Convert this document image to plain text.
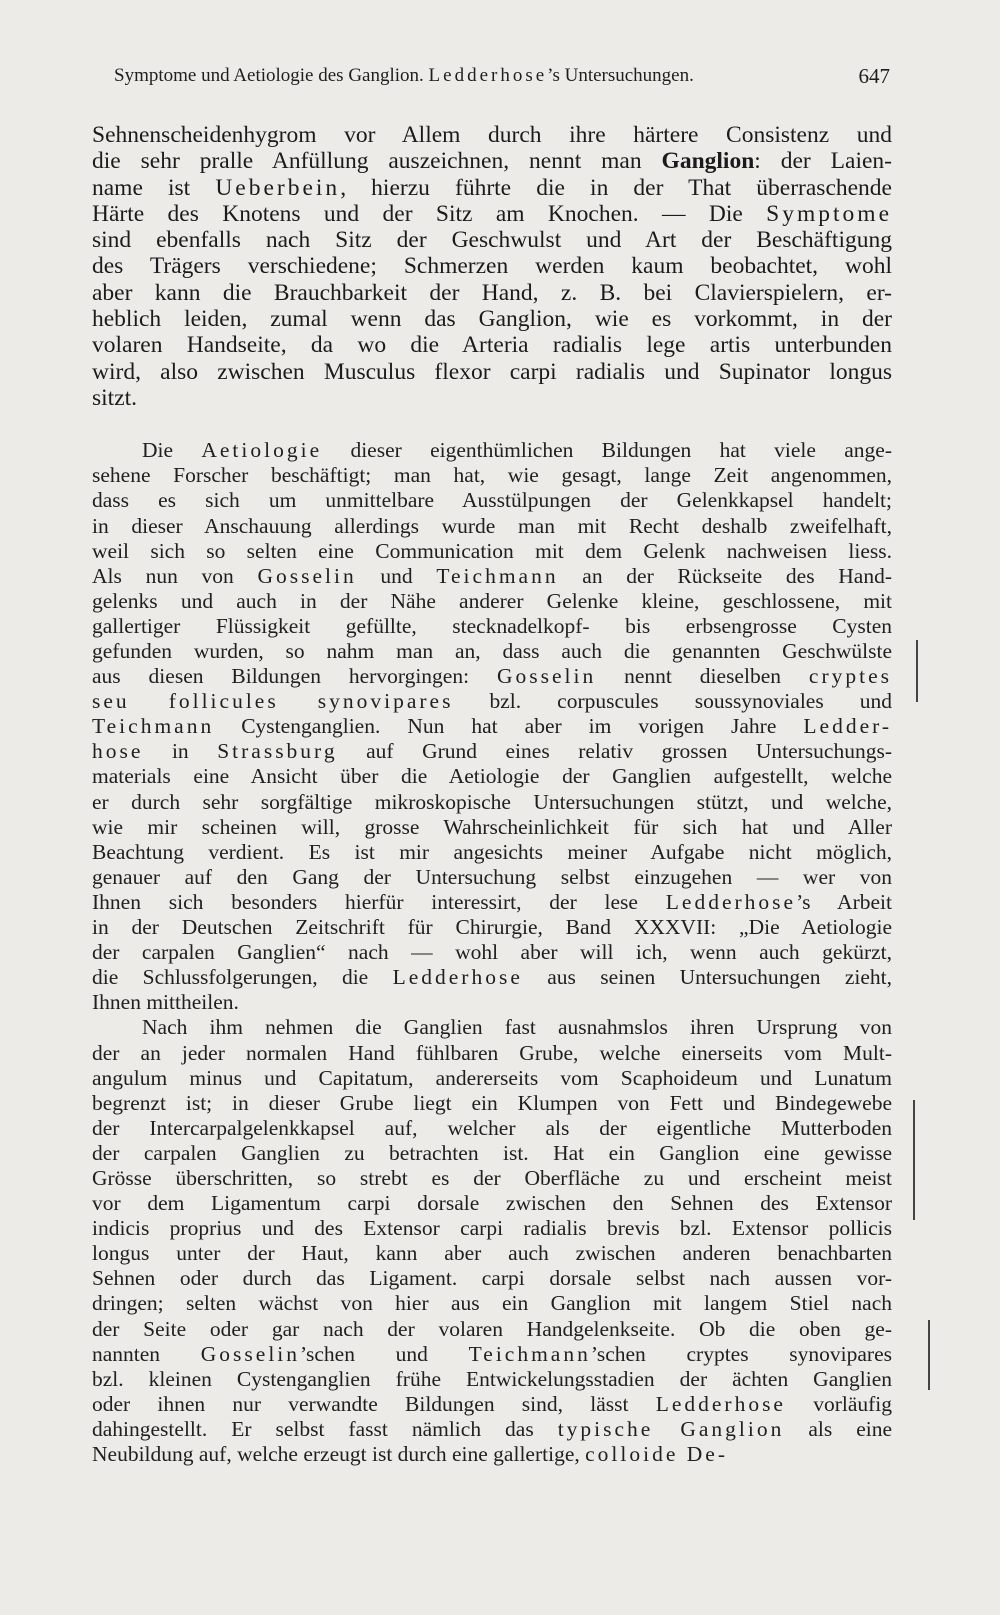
Symptome und Aetiologie des Ganglion. Ledderhose’s Untersuchungen.	647
Sehnenscheidenhygrom vor Allem durch ihre härtere Consistenz und
die sehr pralle Anfüllung auszeichnen, nennt man Ganglion: der Laien-
name ist Ueberbein, hierzu führte die in der That überraschende
Härte des Knotens und der Sitz am Knochen. — Die Symptome
sind ebenfalls nach Sitz der Geschwulst und Art der Beschäftigung
des Trägers verschiedene; Schmerzen werden kaum beobachtet, wohl
aber kann die Brauchbarkeit der Hand, z. B. bei Clavierspielern, er-
heblich leiden, zumal wenn das Ganglion, wie es vorkommt, in der
volaren Handseite, da wo die Arteria radialis lege artis unterbunden
wird, also zwischen Musculus flexor carpi radialis und Supinator longus
sitzt.
Die Aetiologie dieser eigenthümlichen Bildungen hat viele ange-
sehene Forscher beschäftigt; man hat, wie gesagt, lange Zeit angenommen,
dass es sich um unmittelbare Ausstülpungen der Gelenkkapsel handelt;
in dieser Anschauung allerdings wurde man mit Recht deshalb zweifelhaft,
weil sich so selten eine Communication mit dem Gelenk nachweisen liess.
Als nun von Gosselin und Teichmann an der Rückseite des Hand-
gelenks und auch in der Nähe anderer Gelenke kleine, geschlossene, mit
gallertiger Flüssigkeit gefüllte, stecknadelkopf- bis erbsengrosse Cysten
gefunden wurden, so nahm man an, dass auch die genannten Geschwülste
aus diesen Bildungen hervorgingen: Gosselin nennt dieselben cryptes
seu follicules synovipares bzl. corpuscules soussynoviales und
Teichmann Cystenganglien. Nun hat aber im vorigen Jahre Ledder-
hose in Strassburg auf Grund eines relativ grossen Untersuchungs-
materials eine Ansicht über die Aetiologie der Ganglien aufgestellt, welche
er durch sehr sorgfältige mikroskopische Untersuchungen stützt, und welche,
wie mir scheinen will, grosse Wahrscheinlichkeit für sich hat und Aller
Beachtung verdient. Es ist mir angesichts meiner Aufgabe nicht möglich,
genauer auf den Gang der Untersuchung selbst einzugehen — wer von
Ihnen sich besonders hierfür interessirt, der lese Ledderhose’s Arbeit
in der Deutschen Zeitschrift für Chirurgie, Band XXXVII: „Die Aetiologie
der carpalen Ganglien“ nach — wohl aber will ich, wenn auch gekürzt,
die Schlussfolgerungen, die Ledderhose aus seinen Untersuchungen zieht,
Ihnen mittheilen.
Nach ihm nehmen die Ganglien fast ausnahmslos ihren Ursprung von
der an jeder normalen Hand fühlbaren Grube, welche einerseits vom Mult-
angulum minus und Capitatum, andererseits vom Scaphoideum und Lunatum
begrenzt ist; in dieser Grube liegt ein Klumpen von Fett und Bindegewebe
der Intercarpalgelenkkapsel auf, welcher als der eigentliche Mutterboden
der carpalen Ganglien zu betrachten ist. Hat ein Ganglion eine gewisse
Grösse überschritten, so strebt es der Oberfläche zu und erscheint meist
vor dem Ligamentum carpi dorsale zwischen den Sehnen des Extensor
indicis proprius und des Extensor carpi radialis brevis bzl. Extensor pollicis
longus unter der Haut, kann aber auch zwischen anderen benachbarten
Sehnen oder durch das Ligament. carpi dorsale selbst nach aussen vor-
dringen; selten wächst von hier aus ein Ganglion mit langem Stiel nach
der Seite oder gar nach der volaren Handgelenkseite. Ob die oben ge-
nannten Gosselin’schen und Teichmann’schen cryptes synovipares
bzl. kleinen Cystenganglien frühe Entwickelungsstadien der ächten Ganglien
oder ihnen nur verwandte Bildungen sind, lässt Ledderhose vorläufig
dahingestellt. Er selbst fasst nämlich das typische Ganglion als eine
Neubildung auf, welche erzeugt ist durch eine gallertige, colloide De-
